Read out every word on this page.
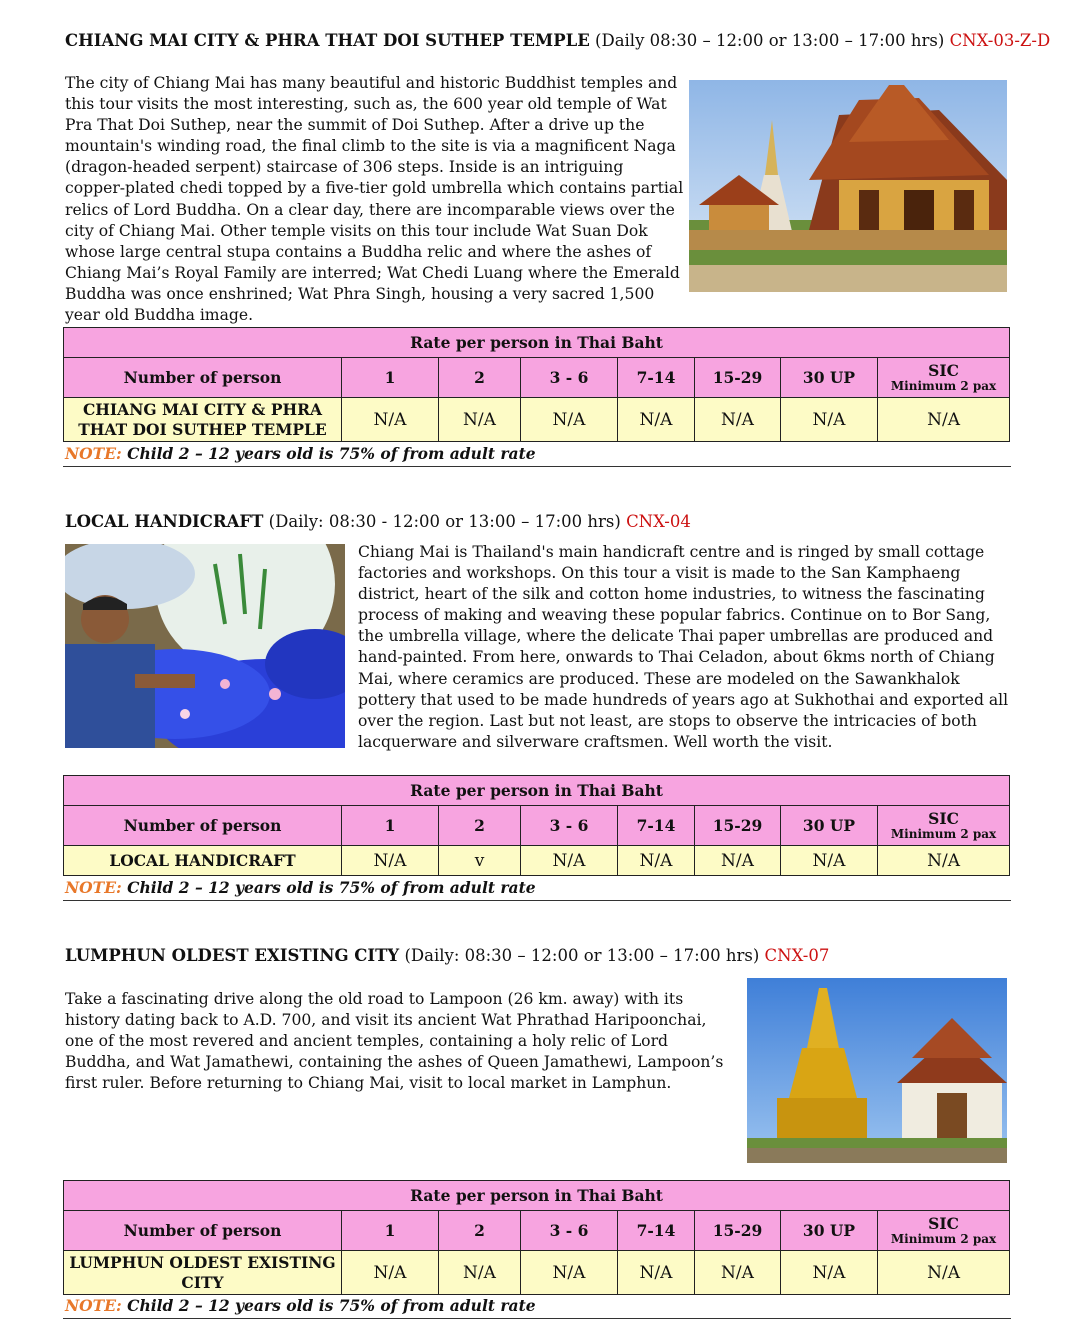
CHIANG MAI CITY & PHRA THAT DOI SUTHEP TEMPLE (Daily 08:30 – 12:00 or 13:00 – 17:00 hrs) CNX-03-Z-D

The city of Chiang Mai has many beautiful and historic Buddhist temples and this tour visits the most interesting, such as, the 600 year old temple of Wat Pra That Doi Suthep, near the summit of Doi Suthep. After a drive up the mountain's winding road, the final climb to the site is via a magnificent Naga (dragon-headed serpent) staircase of 306 steps. Inside is an intriguing copper-plated chedi topped by a five-tier gold umbrella which contains partial relics of Lord Buddha. On a clear day, there are incomparable views over the city of Chiang Mai. Other temple visits on this tour include Wat Suan Dok whose large central stupa contains a Buddha relic and where the ashes of Chiang Mai’s Royal Family are interred; Wat Chedi Luang where the Emerald Buddha was once enshrined; Wat Phra Singh, housing a very sacred 1,500 year old Buddha image.

Rate per person in Thai Baht							
Number of person	1	2	3 - 6	7-14	15-29	30 UP	SIC
Minimum 2 pax

CHIANG MAI CITY & PHRA THAT DOI SUTHEP TEMPLE	N/A	N/A	N/A	N/A	N/A	N/A	N/A
NOTE: Child 2 – 12 years old is 75% of from adult rate
LOCAL HANDICRAFT (Daily: 08:30 - 12:00 or 13:00 – 17:00 hrs) CNX-04

Chiang Mai is Thailand's main handicraft centre and is ringed by small cottage factories and workshops. On this tour a visit is made to the San Kamphaeng district, heart of the silk and cotton home industries, to witness the fascinating process of making and weaving these popular fabrics. Continue on to Bor Sang, the umbrella village, where the delicate Thai paper umbrellas are produced and hand-painted. From here, onwards to Thai Celadon, about 6kms north of Chiang Mai, where ceramics are produced. These are modeled on the Sawankhalok pottery that used to be made hundreds of years ago at Sukhothai and exported all over the region. Last but not least, are stops to observe the intricacies of both lacquerware and silverware craftsmen. Well worth the visit.

Rate per person in Thai Baht							
Number of person	1	2	3 - 6	7-14	15-29	30 UP	SIC
Minimum 2 pax

LOCAL HANDICRAFT	N/A	v	N/A	N/A	N/A	N/A	N/A
NOTE: Child 2 – 12 years old is 75% of from adult rate
LUMPHUN OLDEST EXISTING CITY (Daily: 08:30 – 12:00 or 13:00 – 17:00 hrs) CNX-07

Take a fascinating drive along the old road to Lampoon (26 km. away) with its history dating back to A.D. 700, and visit its ancient Wat Phrathad Haripoonchai, one of the most revered and ancient temples, containing a holy relic of Lord Buddha, and Wat Jamathewi, containing the ashes of Queen Jamathewi, Lampoon’s first ruler. Before returning to Chiang Mai, visit to local market in Lamphun.

Rate per person in Thai Baht							
Number of person	1	2	3 - 6	7-14	15-29	30 UP	SIC
Minimum 2 pax

LUMPHUN OLDEST EXISTING CITY	N/A	N/A	N/A	N/A	N/A	N/A	N/A
NOTE: Child 2 – 12 years old is 75% of from adult rate
